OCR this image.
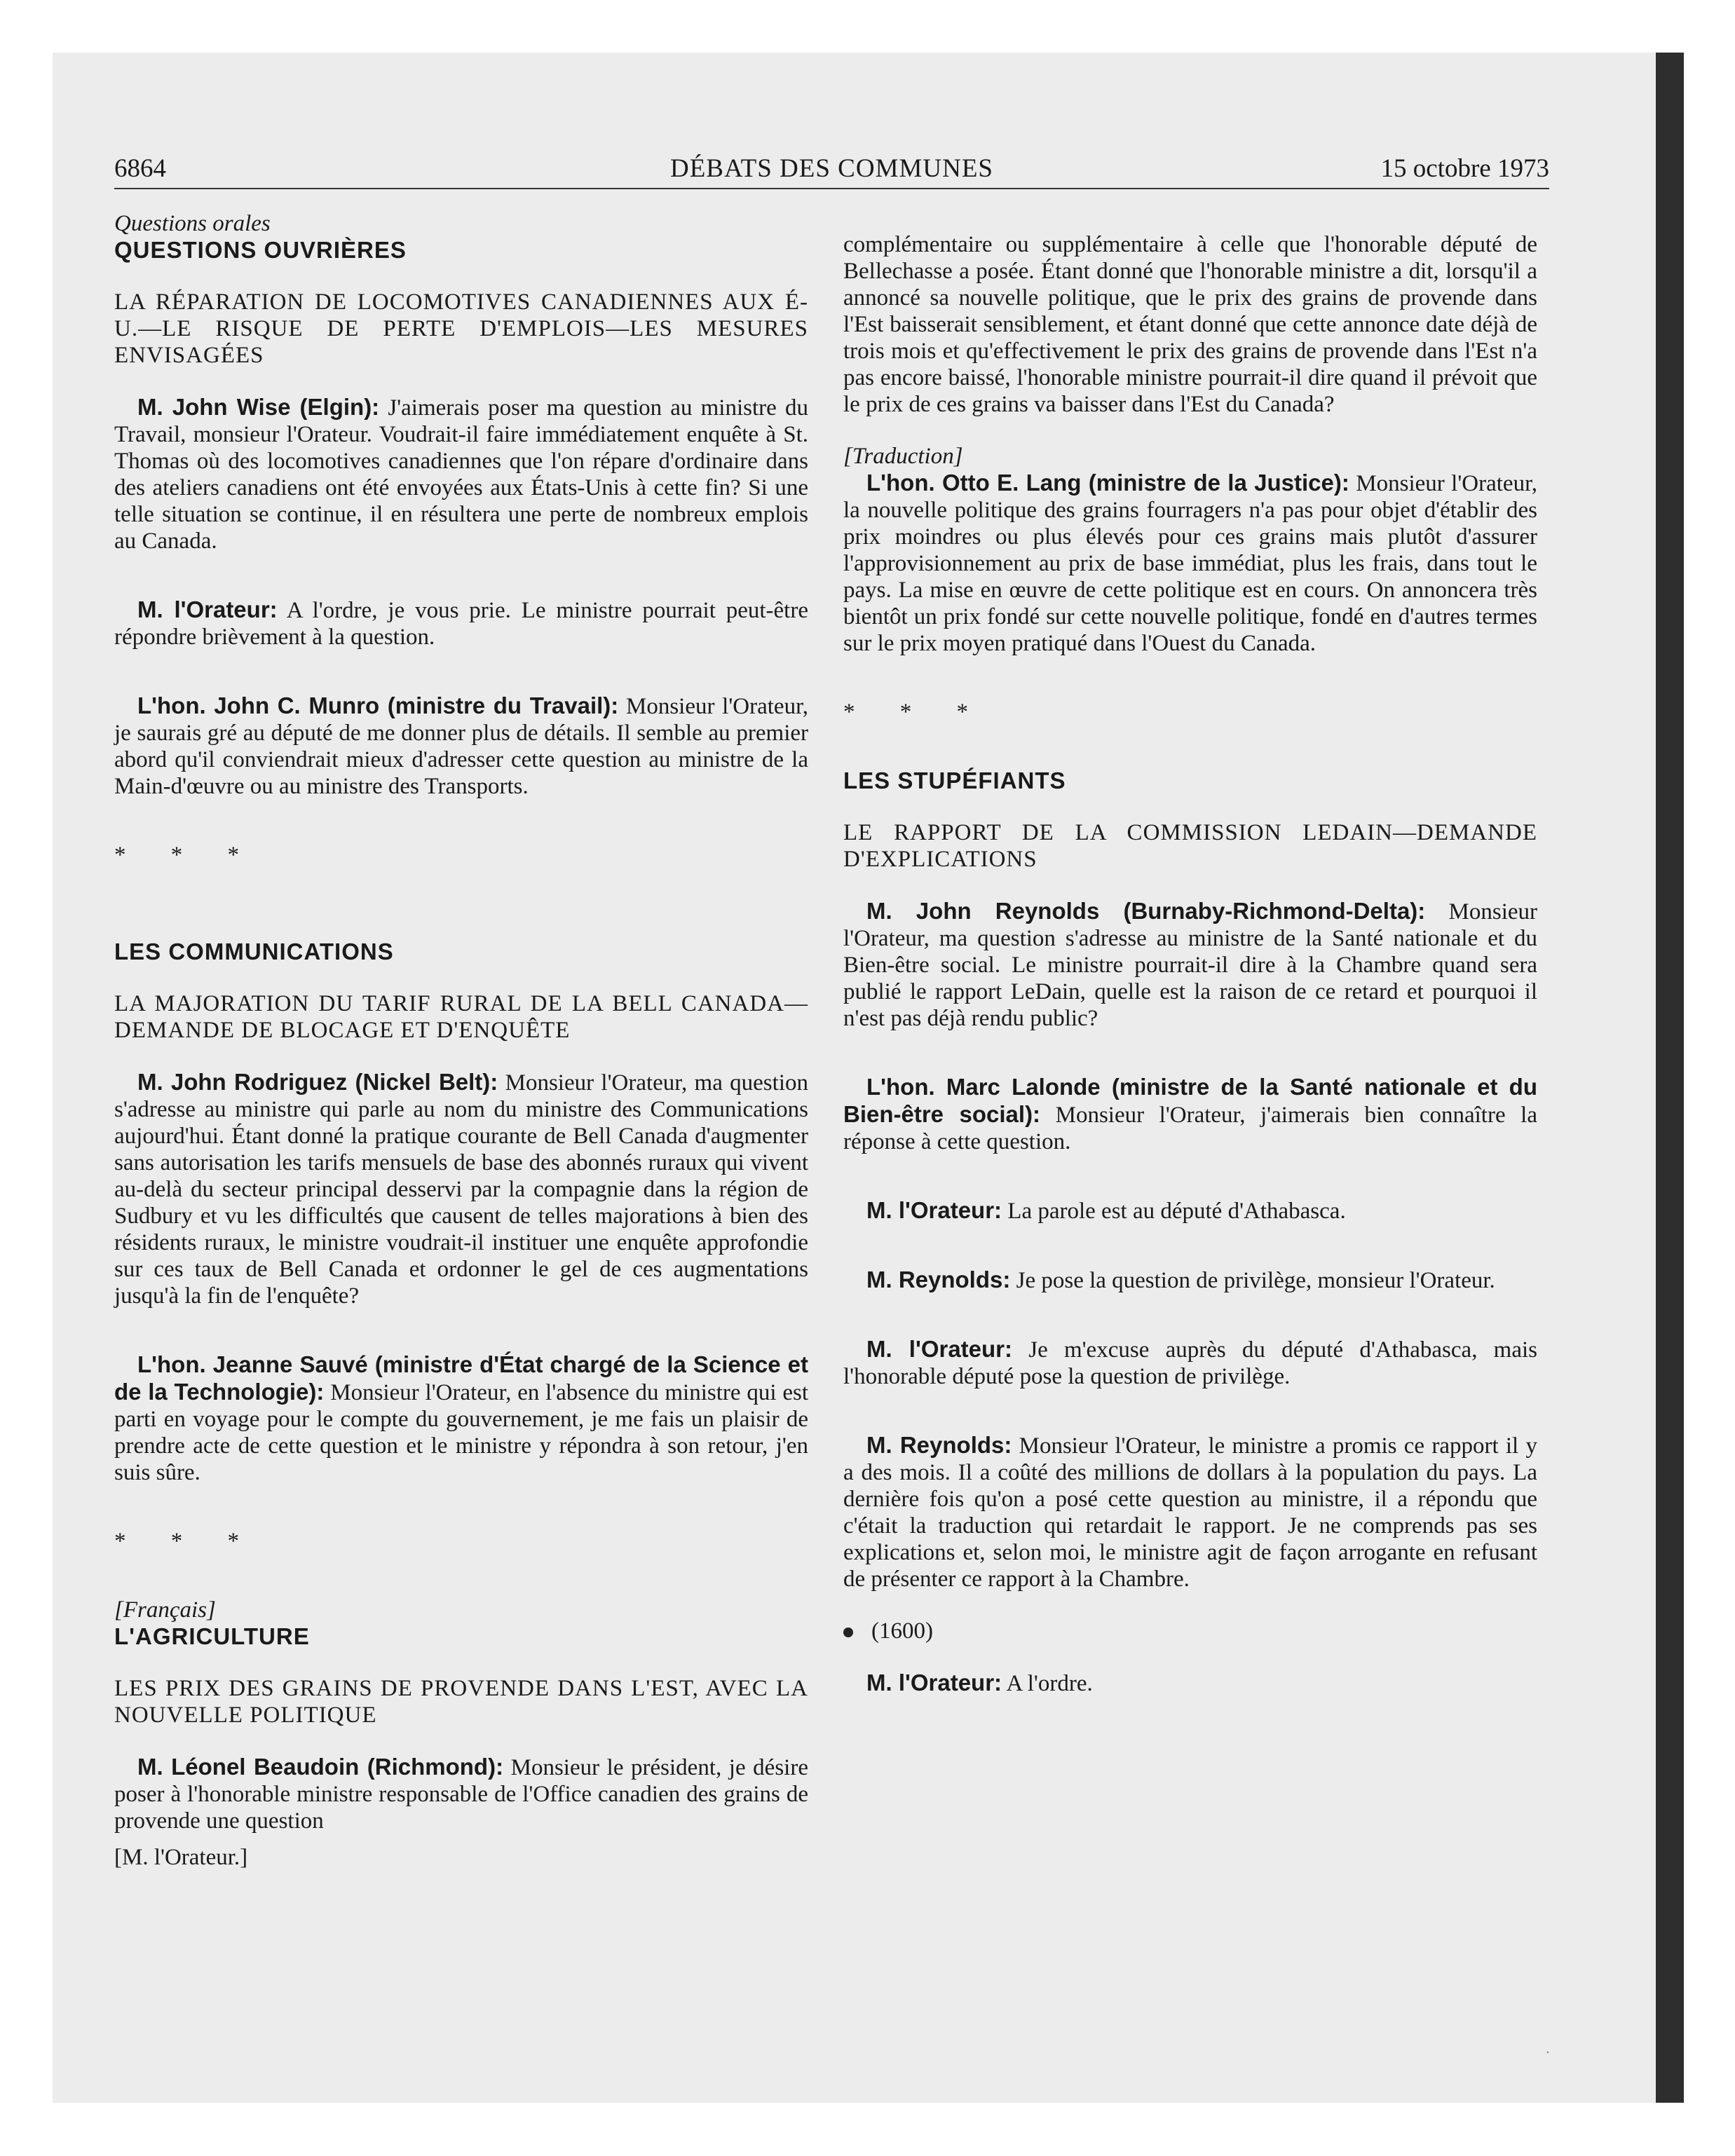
·
6864	DÉBATS DES COMMUNES	15 octobre 1973

Questions orales

QUESTIONS OUVRIÈRES

LA RÉPARATION DE LOCOMOTIVES CANADIENNES AUX É-U.—LE RISQUE DE PERTE D'EMPLOIS—LES MESURES ENVISAGÉES

 M. John Wise (Elgin): J'aimerais poser ma question au ministre du Travail, monsieur l'Orateur. Voudrait-il faire immédiatement enquête à St. Thomas où des locomotives canadiennes que l'on répare d'ordinaire dans des ateliers canadiens ont été envoyées aux États-Unis à cette fin? Si une telle situation se continue, il en résultera une perte de nombreux emplois au Canada.

 M. l'Orateur: A l'ordre, je vous prie. Le ministre pourrait peut-être répondre brièvement à la question.

 L'hon. John C. Munro (ministre du Travail): Monsieur l'Orateur, je saurais gré au député de me donner plus de détails. Il semble au premier abord qu'il conviendrait mieux d'adresser cette question au ministre de la Main-d'œuvre ou au ministre des Transports.

* * *

LES COMMUNICATIONS

LA MAJORATION DU TARIF RURAL DE LA BELL CANADA—DEMANDE DE BLOCAGE ET D'ENQUÊTE

 M. John Rodriguez (Nickel Belt): Monsieur l'Orateur, ma question s'adresse au ministre qui parle au nom du ministre des Communications aujourd'hui. Étant donné la pratique courante de Bell Canada d'augmenter sans autorisation les tarifs mensuels de base des abonnés ruraux qui vivent au-delà du secteur principal desservi par la compagnie dans la région de Sudbury et vu les difficultés que causent de telles majorations à bien des résidents ruraux, le ministre voudrait-il instituer une enquête approfondie sur ces taux de Bell Canada et ordonner le gel de ces augmentations jusqu'à la fin de l'enquête?

 L'hon. Jeanne Sauvé (ministre d'État chargé de la Science et de la Technologie): Monsieur l'Orateur, en l'absence du ministre qui est parti en voyage pour le compte du gouvernement, je me fais un plaisir de prendre acte de cette question et le ministre y répondra à son retour, j'en suis sûre.

* * *

[Français]

L'AGRICULTURE

LES PRIX DES GRAINS DE PROVENDE DANS L'EST, AVEC LA NOUVELLE POLITIQUE

 M. Léonel Beaudoin (Richmond): Monsieur le président, je désire poser à l'honorable ministre responsable de l'Office canadien des grains de provende une question

[M. l'Orateur.]

complémentaire ou supplémentaire à celle que l'honorable député de Bellechasse a posée. Étant donné que l'honorable ministre a dit, lorsqu'il a annoncé sa nouvelle politique, que le prix des grains de provende dans l'Est baisserait sensiblement, et étant donné que cette annonce date déjà de trois mois et qu'effectivement le prix des grains de provende dans l'Est n'a pas encore baissé, l'honorable ministre pourrait-il dire quand il prévoit que le prix de ces grains va baisser dans l'Est du Canada?

[Traduction]

 L'hon. Otto E. Lang (ministre de la Justice): Monsieur l'Orateur, la nouvelle politique des grains fourragers n'a pas pour objet d'établir des prix moindres ou plus élevés pour ces grains mais plutôt d'assurer l'approvisionnement au prix de base immédiat, plus les frais, dans tout le pays. La mise en œuvre de cette politique est en cours. On annoncera très bientôt un prix fondé sur cette nouvelle politique, fondé en d'autres termes sur le prix moyen pratiqué dans l'Ouest du Canada.

* * *

LES STUPÉFIANTS

LE RAPPORT DE LA COMMISSION LEDAIN—DEMANDE D'EXPLICATIONS

 M. John Reynolds (Burnaby-Richmond-Delta): Monsieur l'Orateur, ma question s'adresse au ministre de la Santé nationale et du Bien-être social. Le ministre pourrait-il dire à la Chambre quand sera publié le rapport LeDain, quelle est la raison de ce retard et pourquoi il n'est pas déjà rendu public?

 L'hon. Marc Lalonde (ministre de la Santé nationale et du Bien-être social): Monsieur l'Orateur, j'aimerais bien connaître la réponse à cette question.

 M. l'Orateur: La parole est au député d'Athabasca.

 M. Reynolds: Je pose la question de privilège, monsieur l'Orateur.

 M. l'Orateur: Je m'excuse auprès du député d'Athabasca, mais l'honorable député pose la question de privilège.

 M. Reynolds: Monsieur l'Orateur, le ministre a promis ce rapport il y a des mois. Il a coûté des millions de dollars à la population du pays. La dernière fois qu'on a posé cette question au ministre, il a répondu que c'était la traduction qui retardait le rapport. Je ne comprends pas ses explications et, selon moi, le ministre agit de façon arrogante en refusant de présenter ce rapport à la Chambre.

(1600)

 M. l'Orateur: A l'ordre.
